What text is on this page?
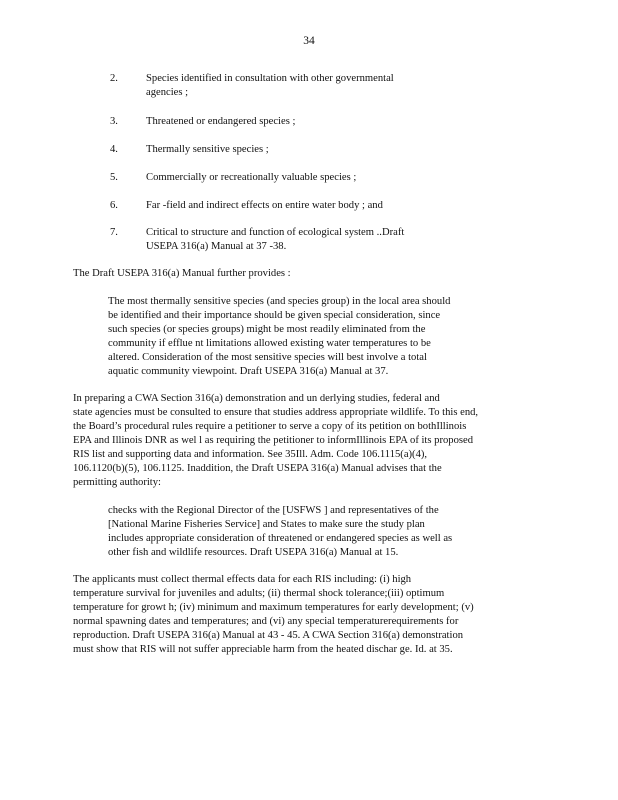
34
2.	Species identified in consultation with other governmental
agencies ;
3.	Threatened or endangered species ;
4.	Thermally sensitive species ;
5.	Commercially or recreationally valuable species ;
6.	Far -field and indirect effects on entire water body ; and
7.	Critical to structure and function of ecological system ..Draft
USEPA 316(a) Manual at 37 -38.
The Draft USEPA 316(a) Manual further provides :
The most thermally sensitive species (and species group) in the local area should
be identified and their importance should be given special consideration, since
such species (or species groups) might be most readily eliminated from the
community if efflue nt limitations allowed existing water temperatures to be
altered. Consideration of the most sensitive species will best involve a total
aquatic community viewpoint. Draft USEPA 316(a) Manual at 37.
In preparing a CWA Section 316(a) demonstration and un derlying studies, federal and
state agencies must be consulted to ensure that studies address appropriate wildlife. To this end,
the Board’s procedural rules require a petitioner to serve a copy of its petition on bothIllinois
EPA and Illinois DNR as wel l as requiring the petitioner to informIllinois EPA of its proposed
RIS list and supporting data and information. See 35Ill. Adm. Code 106.1115(a)(4),
106.1120(b)(5), 106.1125. Inaddition, the Draft USEPA 316(a) Manual advises that the
permitting authority:
checks with the Regional Director of the [USFWS ] and representatives of the
[National Marine Fisheries Service] and States to make sure the study plan
includes appropriate consideration of threatened or endangered species as well as
other fish and wildlife resources. Draft USEPA 316(a) Manual at 15.
The applicants must collect thermal effects data for each RIS including: (i) high
temperature survival for juveniles and adults; (ii) thermal shock tolerance;(iii) optimum
temperature for growt h; (iv) minimum and maximum temperatures for early development; (v)
normal spawning dates and temperatures; and (vi) any special temperaturerequirements for
reproduction. Draft USEPA 316(a) Manual at 43 - 45. A CWA Section 316(a) demonstration
must show that RIS will not suffer appreciable harm from the heated dischar ge. Id. at 35.
